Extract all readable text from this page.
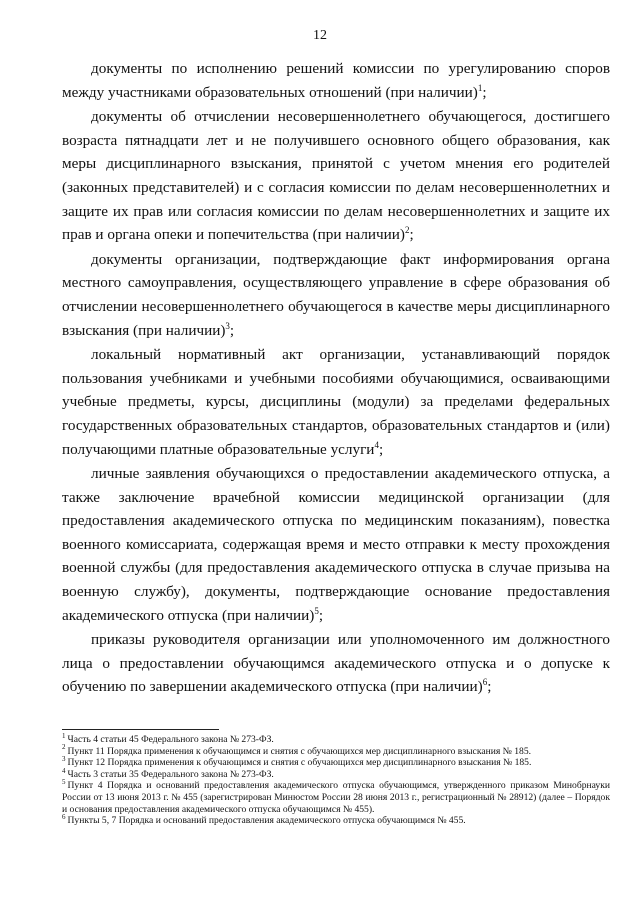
12

документы по исполнению решений комиссии по урегулированию споров между участниками образовательных отношений (при наличии)$^1$;

документы об отчислении несовершеннолетнего обучающегося, достигшего возраста пятнадцати лет и не получившего основного общего образования, как меры дисциплинарного взыскания, принятой с учетом мнения его родителей (законных представителей) и с согласия комиссии по делам несовершеннолетних и защите их прав или согласия комиссии по делам несовершеннолетних и защите их прав и органа опеки и попечительства (при наличии)$^2$;

документы организации, подтверждающие факт информирования органа местного самоуправления, осуществляющего управление в сфере образования об отчислении несовершеннолетнего обучающегося в качестве меры дисциплинарного взыскания (при наличии)$^3$;

локальный нормативный акт организации, устанавливающий порядок пользования учебниками и учебными пособиями обучающимися, осваивающими учебные предметы, курсы, дисциплины (модули) за пределами федеральных государственных образовательных стандартов, образовательных стандартов и (или) получающими платные образовательные услуги$^4$;

личные заявления обучающихся о предоставлении академического отпуска, а также заключение врачебной комиссии медицинской организации (для предоставления академического отпуска по медицинским показаниям), повестка военного комиссариата, содержащая время и место отправки к месту прохождения военной службы (для предоставления академического отпуска в случае призыва на военную службу), документы, подтверждающие основание предоставления академического отпуска (при наличии)$^5$;

приказы руководителя организации или уполномоченного им должностного лица о предоставлении обучающимся академического отпуска и о допуске к обучению по завершении академического отпуска (при наличии)$^6$;

$^1$ Часть 4 статьи 45 Федерального закона № 273-ФЗ.

$^2$ Пункт 11 Порядка применения к обучающимся и снятия с обучающихся мер дисциплинарного взыскания № 185.

$^3$ Пункт 12 Порядка применения к обучающимся и снятия с обучающихся мер дисциплинарного взыскания № 185.

$^4$ Часть 3 статьи 35 Федерального закона № 273-ФЗ.

$^5$ Пункт 4 Порядка и оснований предоставления академического отпуска обучающимся, утвержденного приказом Минобрнауки России от 13 июня 2013 г. № 455 (зарегистрирован Минюстом России 28 июня 2013 г., регистрационный № 28912) (далее – Порядок и основания предоставления академического отпуска обучающимся № 455).

$^6$ Пункты 5, 7 Порядка и оснований предоставления академического отпуска обучающимся № 455.
